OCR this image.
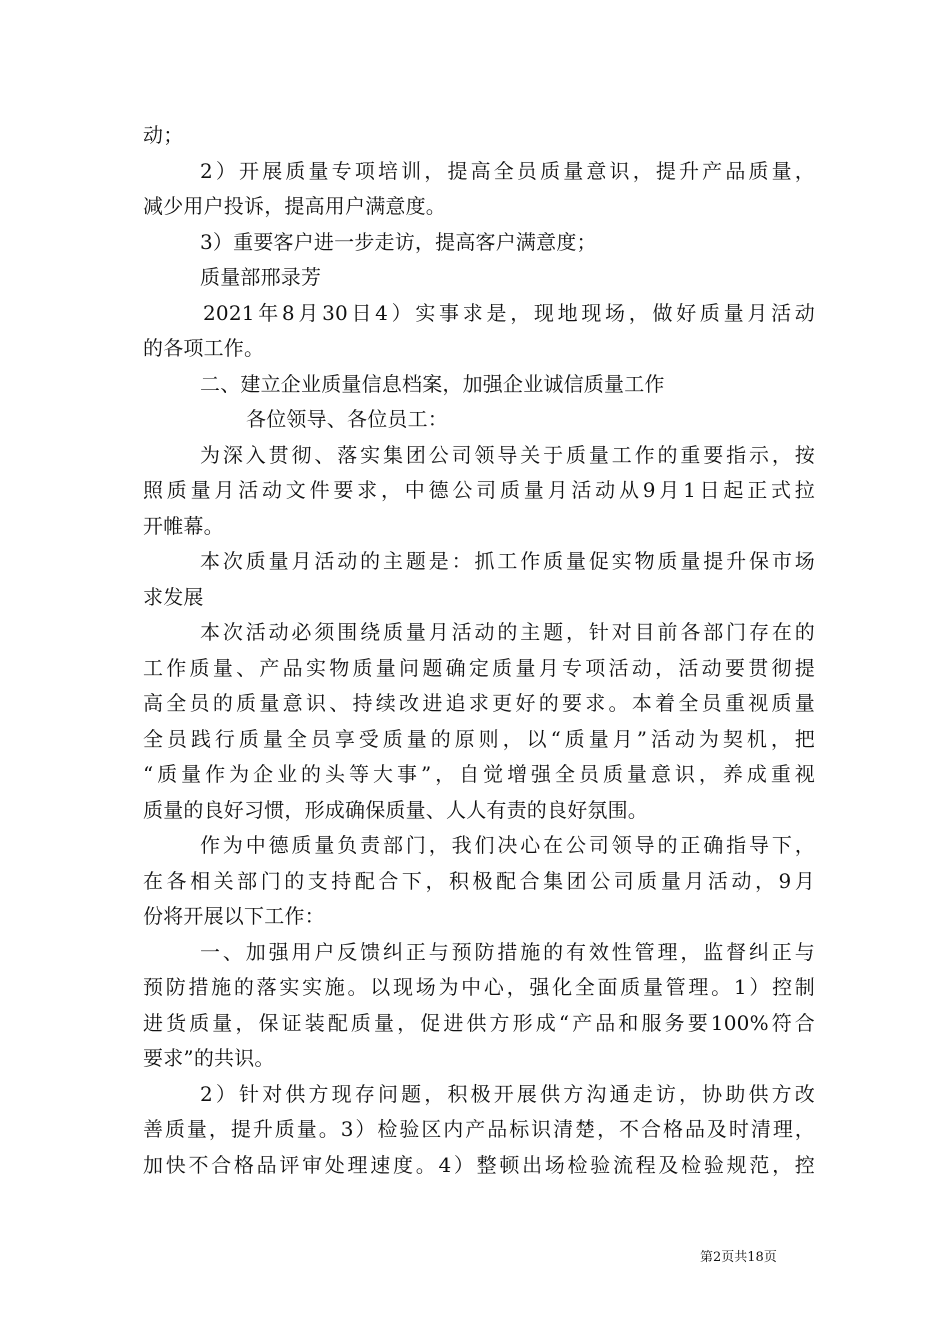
动；
2）开展质量专项培训，提高全员质量意识，提升产品质量，
减少用户投诉，提高用户满意度。
3）重要客户进一步走访，提高客户满意度；
质量部邢录芳
2021年8月30日4）实事求是，现地现场，做好质量月活动
的各项工作。
二、建立企业质量信息档案，加强企业诚信质量工作
各位领导、各位员工：
为深入贯彻、落实集团公司领导关于质量工作的重要指示，按
照质量月活动文件要求，中德公司质量月活动从9月1日起正式拉
开帷幕。
本次质量月活动的主题是：抓工作质量促实物质量提升保市场
求发展
本次活动必须围绕质量月活动的主题，针对目前各部门存在的
工作质量、产品实物质量问题确定质量月专项活动，活动要贯彻提
高全员的质量意识、持续改进追求更好的要求。本着全员重视质量
全员践行质量全员享受质量的原则，以“质量月”活动为契机，把
“质量作为企业的头等大事”，自觉增强全员质量意识，养成重视
质量的良好习惯，形成确保质量、人人有责的良好氛围。
作为中德质量负责部门，我们决心在公司领导的正确指导下，
在各相关部门的支持配合下，积极配合集团公司质量月活动，9月
份将开展以下工作：
一、加强用户反馈纠正与预防措施的有效性管理，监督纠正与
预防措施的落实实施。以现场为中心，强化全面质量管理。1）控制
进货质量，保证装配质量，促进供方形成“产品和服务要100%符合
要求”的共识。
2）针对供方现存问题，积极开展供方沟通走访，协助供方改
善质量，提升质量。3）检验区内产品标识清楚，不合格品及时清理，
加快不合格品评审处理速度。4）整顿出场检验流程及检验规范，控
第2页共18页
